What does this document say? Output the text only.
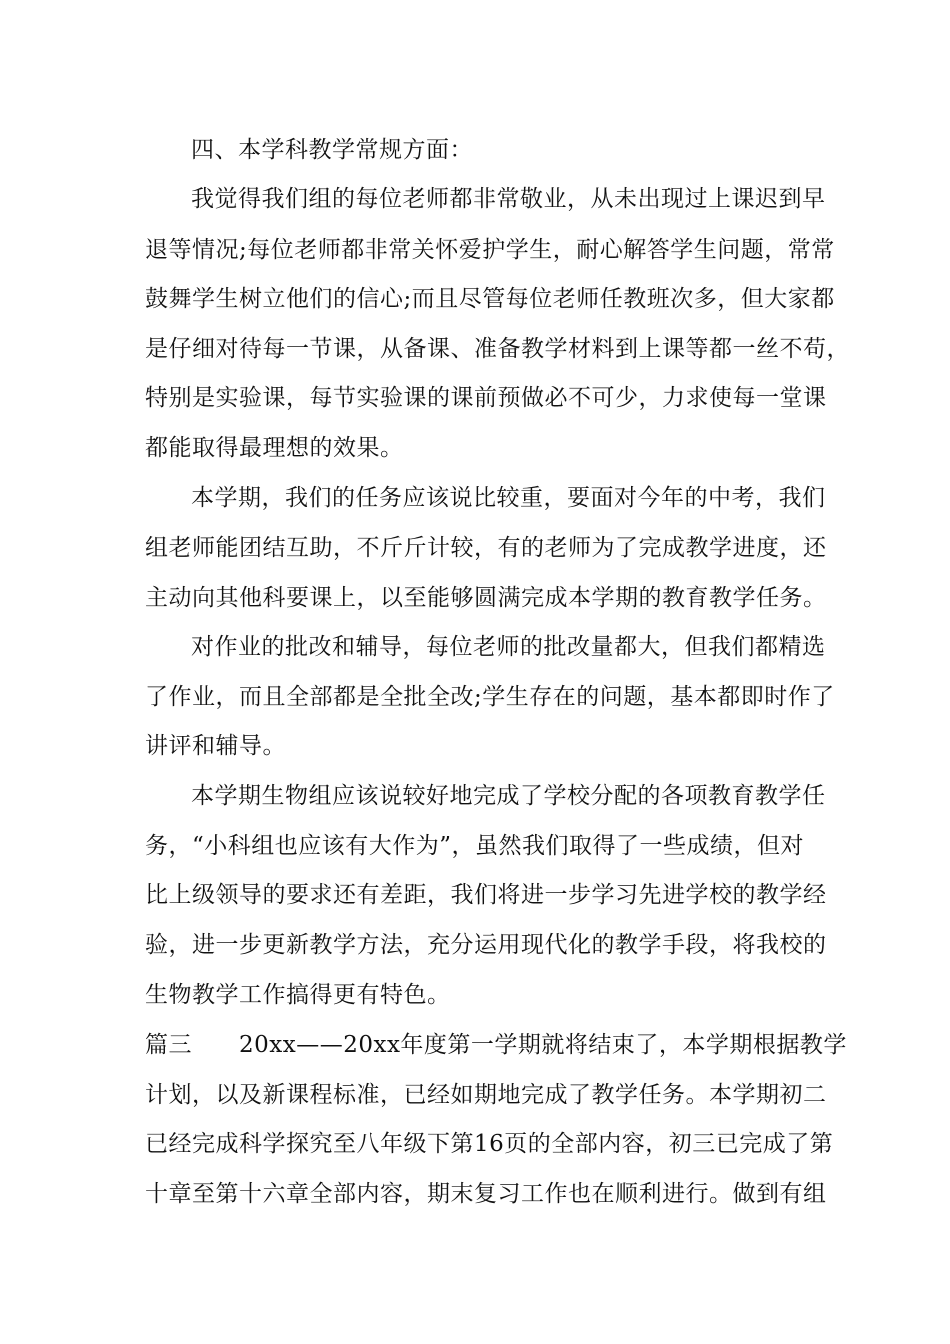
四、本学科教学常规方面：
我觉得我们组的每位老师都非常敬业，从未出现过上课迟到早
退等情况;每位老师都非常关怀爱护学生，耐心解答学生问题，常常
鼓舞学生树立他们的信心;而且尽管每位老师任教班次多，但大家都
是仔细对待每一节课，从备课、准备教学材料到上课等都一丝不苟，
特别是实验课，每节实验课的课前预做必不可少，力求使每一堂课
都能取得最理想的效果。
本学期，我们的任务应该说比较重，要面对今年的中考，我们
组老师能团结互助，不斤斤计较，有的老师为了完成教学进度，还
主动向其他科要课上，以至能够圆满完成本学期的教育教学任务。
对作业的批改和辅导，每位老师的批改量都大，但我们都精选
了作业，而且全部都是全批全改;学生存在的问题，基本都即时作了
讲评和辅导。
本学期生物组应该说较好地完成了学校分配的各项教育教学任
务，“小科组也应该有大作为”，虽然我们取得了一些成绩，但对
比上级领导的要求还有差距，我们将进一步学习先进学校的教学经
验，进一步更新教学方法，充分运用现代化的教学手段，将我校的
生物教学工作搞得更有特色。
篇三　　20xx——20xx年度第一学期就将结束了，本学期根据教学
计划，以及新课程标准，已经如期地完成了教学任务。本学期初二
已经完成科学探究至八年级下第16页的全部内容，初三已完成了第
十章至第十六章全部内容，期末复习工作也在顺利进行。做到有组
